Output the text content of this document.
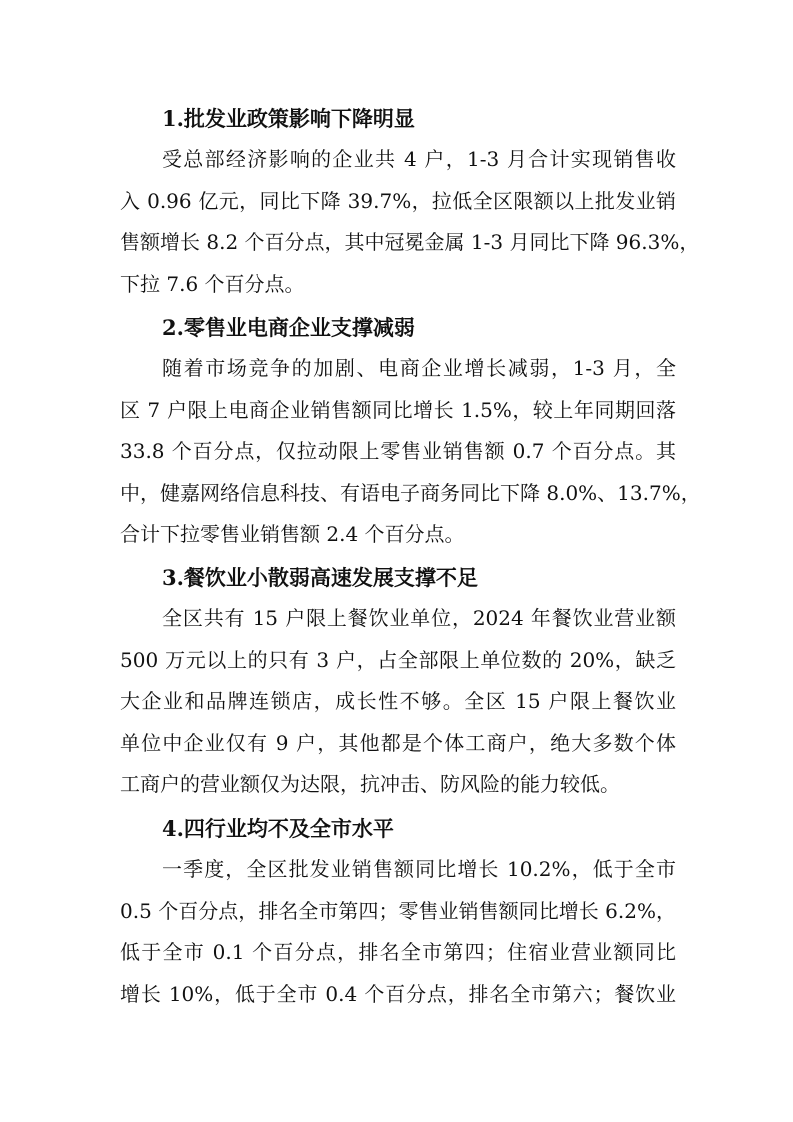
1.批发业政策影响下降明显
受总部经济影响的企业共 4 户，1-3 月合计实现销售收
入 0.96 亿元，同比下降 39.7%，拉低全区限额以上批发业销
售额增长 8.2 个百分点，其中冠冕金属 1-3 月同比下降 96.3%，
下拉 7.6 个百分点。
2.零售业电商企业支撑减弱
随着市场竞争的加剧、电商企业增长减弱，1-3 月，全
区 7 户限上电商企业销售额同比增长 1.5%，较上年同期回落
33.8 个百分点，仅拉动限上零售业销售额 0.7 个百分点。其
中，健嘉网络信息科技、有语电子商务同比下降 8.0%、13.7%，
合计下拉零售业销售额 2.4 个百分点。
3.餐饮业小散弱高速发展支撑不足
全区共有 15 户限上餐饮业单位，2024 年餐饮业营业额
500 万元以上的只有 3 户，占全部限上单位数的 20%，缺乏
大企业和品牌连锁店，成长性不够。全区 15 户限上餐饮业
单位中企业仅有 9 户，其他都是个体工商户，绝大多数个体
工商户的营业额仅为达限，抗冲击、防风险的能力较低。
4.四行业均不及全市水平
一季度，全区批发业销售额同比增长 10.2%，低于全市
0.5 个百分点，排名全市第四；零售业销售额同比增长 6.2%，
低于全市 0.1 个百分点，排名全市第四；住宿业营业额同比
增长 10%，低于全市 0.4 个百分点，排名全市第六；餐饮业
